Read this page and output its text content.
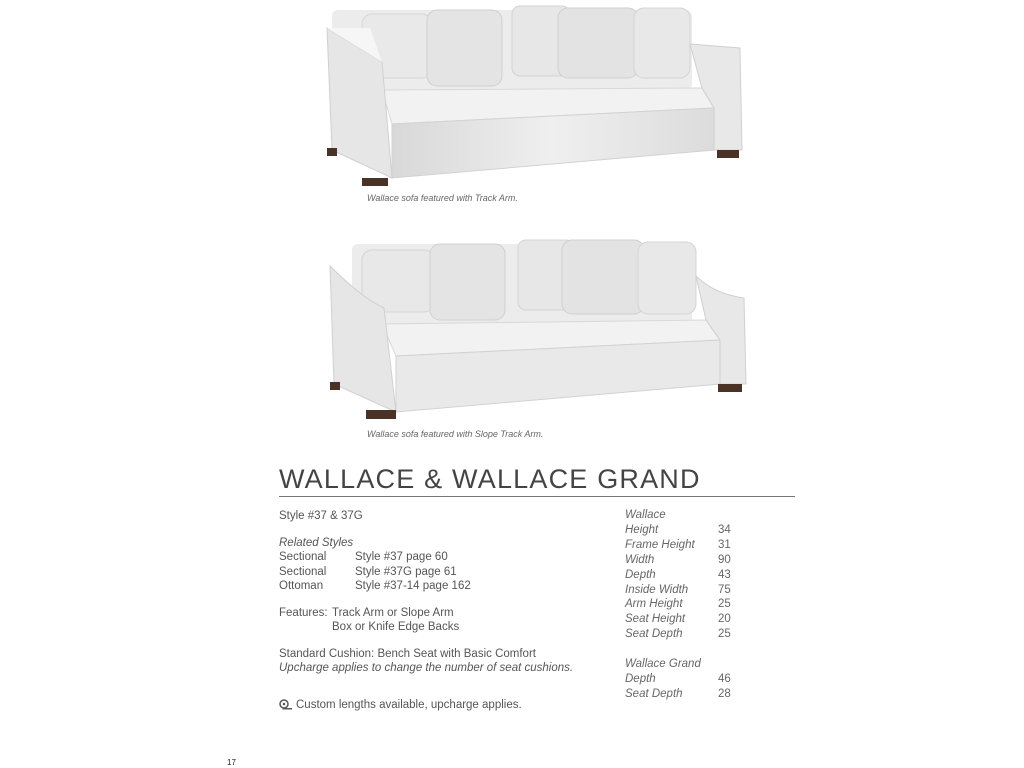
Wallace sofa featured with Track Arm.
Wallace sofa featured with Slope Track Arm.
WALLACE & WALLACE GRAND
Style #37 & 37G
Related Styles
Sectional	Style #37 page 60
Sectional	Style #37G page 61
Ottoman	Style #37-14 page 162
Features: Track Arm or Slope Arm
Box or Knife Edge Backs
Standard Cushion: Bench Seat with Basic Comfort
Upcharge applies to change the number of seat cushions.
Custom lengths available, upcharge applies.
Wallace
Height	34
Frame Height	31
Width	90
Depth	43
Inside Width	75
Arm Height	25
Seat Height	20
Seat Depth	25
Wallace Grand
Depth	46
Seat Depth	28
17
